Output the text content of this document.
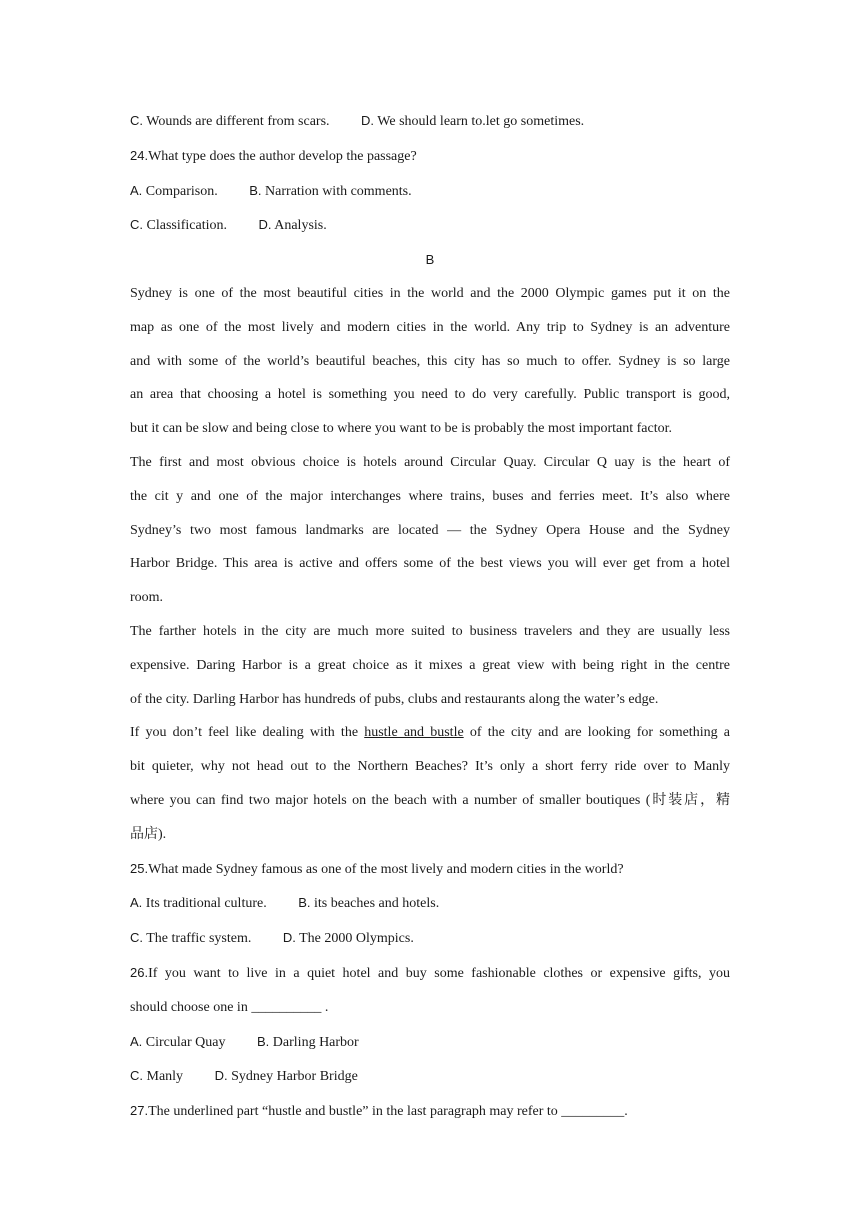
C. Wounds are different from scars. D. We should learn to.let go sometimes.
24.What type does the author develop the passage?
A. Comparison. B. Narration with comments.
C. Classification. D. Analysis.
B
Sydney is one of the most beautiful cities in the world and the 2000 Olympic games put it on the
map as one of the most lively and modern cities in the world. Any trip to Sydney is an adventure
and with some of the world’s beautiful beaches, this city has so much to offer. Sydney is so large
an area that choosing a hotel is something you need to do very carefully. Public transport is good,
but it can be slow and being close to where you want to be is probably the most important factor.
The first and most obvious choice is hotels around Circular Quay. Circular Q uay is the heart of
the cit y and one of the major interchanges where trains, buses and ferries meet. It’s also where
Sydney’s two most famous landmarks are located — the Sydney Opera House and the Sydney
Harbor Bridge. This area is active and offers some of the best views you will ever get from a hotel
room.
The farther hotels in the city are much more suited to business travelers and they are usually less
expensive. Daring Harbor is a great choice as it mixes a great view with being right in the centre
of the city. Darling Harbor has hundreds of pubs, clubs and restaurants along the water’s edge.
If you don’t feel like dealing with the hustle and bustle of the city and are looking for something a
bit quieter, why not head out to the Northern Beaches? It’s only a short ferry ride over to Manly
where you can find two major hotels on the beach with a number of smaller boutiques (时装店，精
品店).
25.What made Sydney famous as one of the most lively and modern cities in the world?
A. Its traditional culture. B. its beaches and hotels.
C. The traffic system. D. The 2000 Olympics.
26.If you want to live in a quiet hotel and buy some fashionable clothes or expensive gifts, you
should choose one in __________ .
A. Circular Quay B. Darling Harbor
C. Manly D. Sydney Harbor Bridge
27.The underlined part “hustle and bustle” in the last paragraph may refer to _________.
